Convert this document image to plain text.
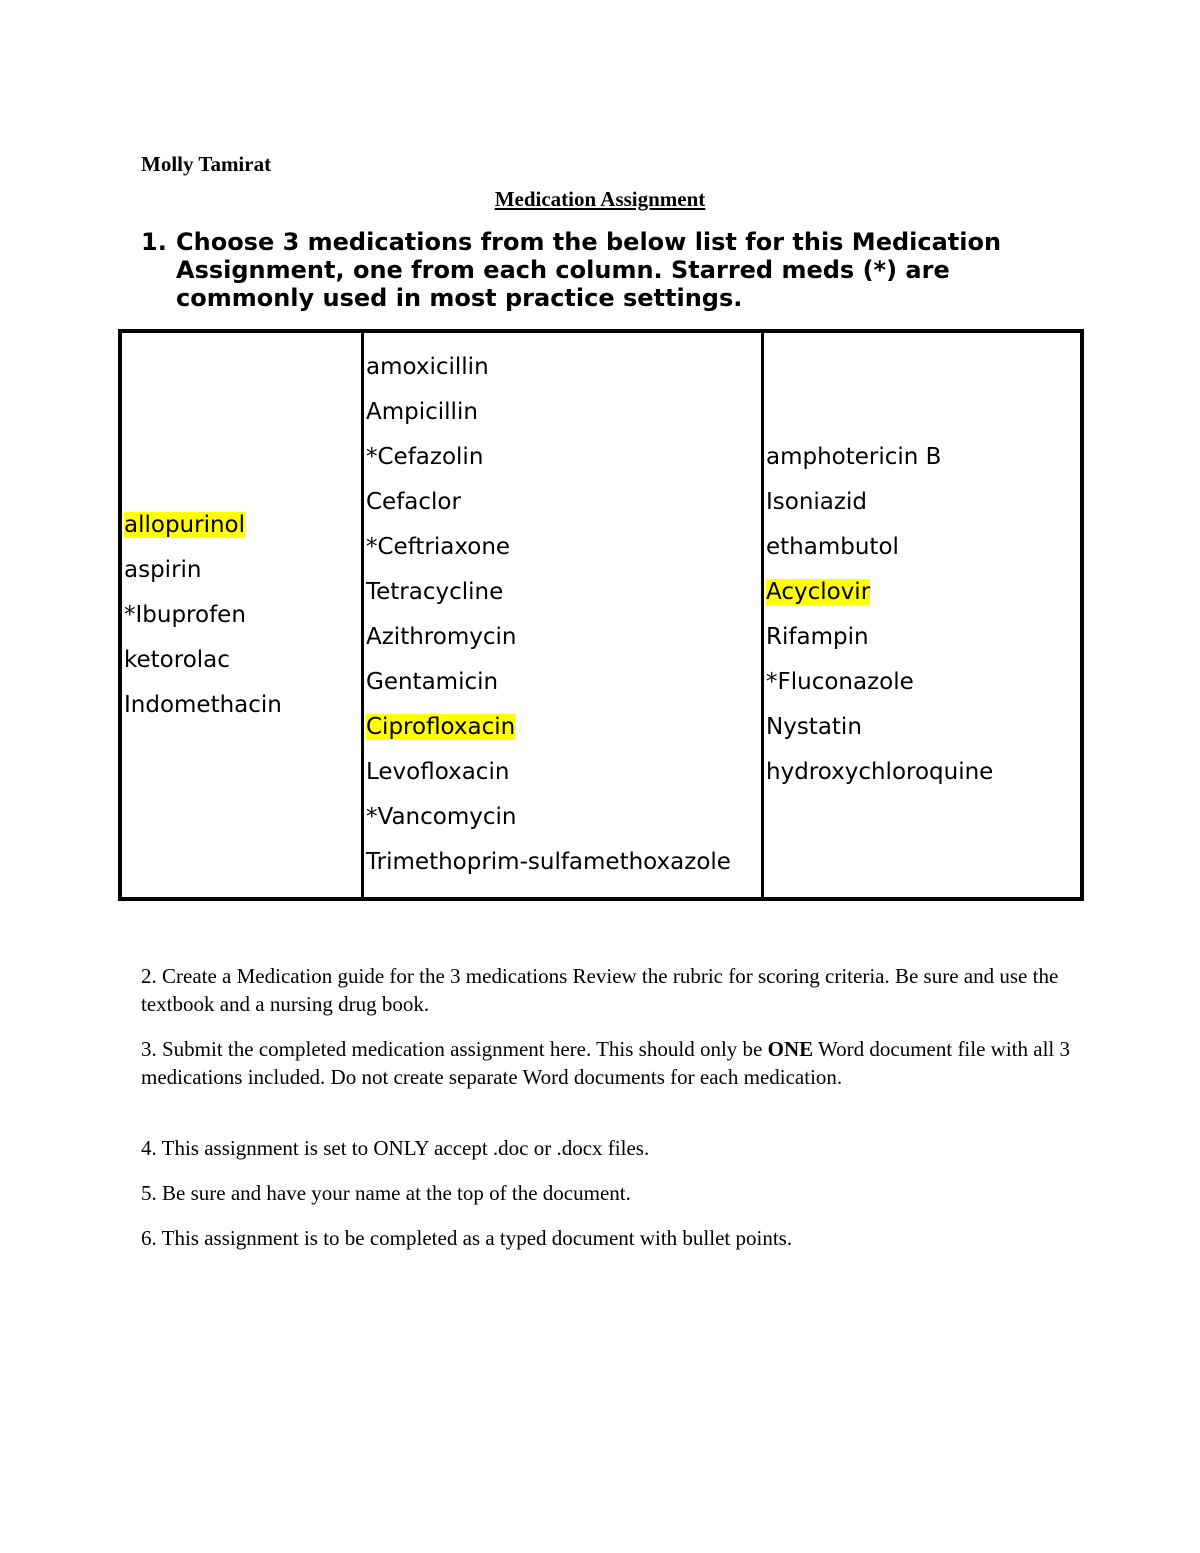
Molly Tamirat
Medication Assignment
1. Choose 3 medications from the below list for this Medication Assignment, one from each column. Starred meds (*) are commonly used in most practice settings.
allopurinol
aspirin
*Ibuprofen
ketorolac
Indomethacin
amoxicillin
Ampicillin
*Cefazolin
Cefaclor
*Ceftriaxone
Tetracycline
Azithromycin
Gentamicin
Ciprofloxacin
Levofloxacin
*Vancomycin
Trimethoprim-sulfamethoxazole
amphotericin B
Isoniazid
ethambutol
Acyclovir
Rifampin
*Fluconazole
Nystatin
hydroxychloroquine
2. Create a Medication guide for the 3 medications Review the rubric for scoring criteria. Be sure and use the textbook and a nursing drug book.
3. Submit the completed medication assignment here. This should only be ONE Word document file with all 3 medications included. Do not create separate Word documents for each medication.
4. This assignment is set to ONLY accept .doc or .docx files.
5. Be sure and have your name at the top of the document.
6. This assignment is to be completed as a typed document with bullet points.
